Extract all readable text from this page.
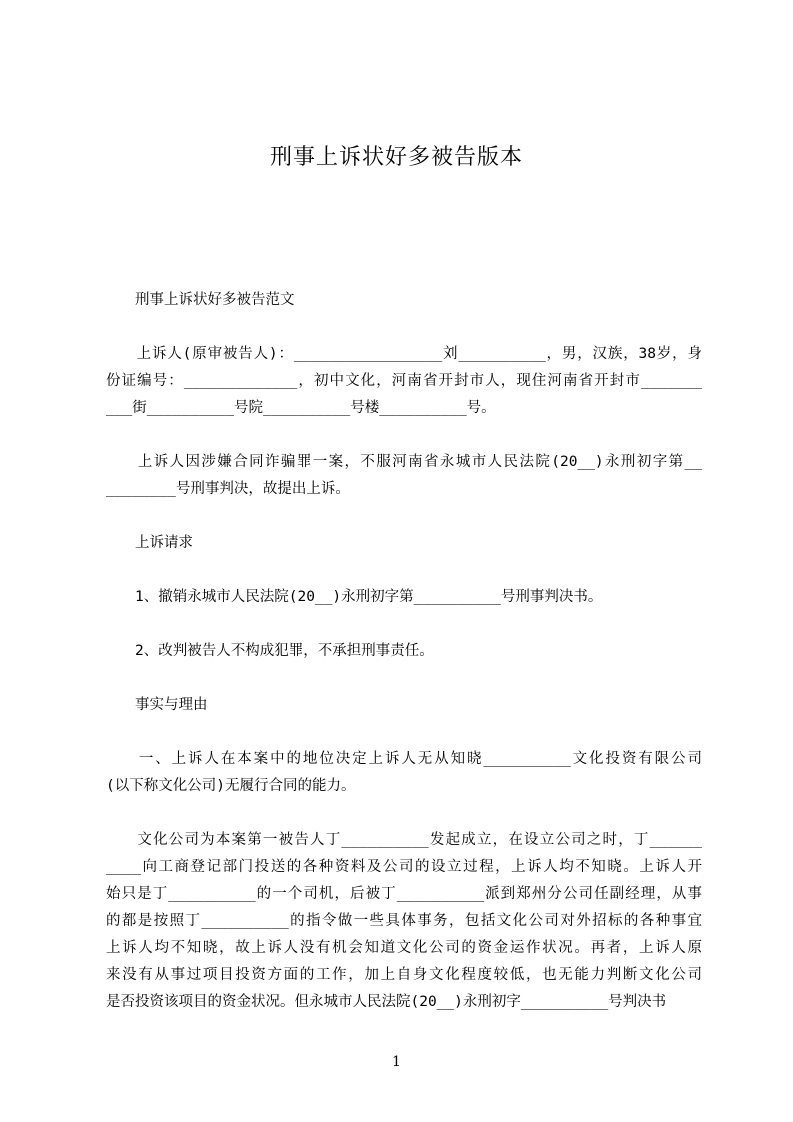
刑事上诉状好多被告版本
　　刑事上诉状好多被告范文
　　上诉人(原审被告人)：_________________刘__________，男，汉族，38岁，身
份证编号：_____________，初中文化，河南省开封市人，现住河南省开封市_______
___街__________号院__________号楼__________号。
　　上诉人因涉嫌合同诈骗罪一案，不服河南省永城市人民法院(20__)永刑初字第__
________号刑事判决，故提出上诉。
　　上诉请求
　　1、撤销永城市人民法院(20__)永刑初字第__________号刑事判决书。
　　2、改判被告人不构成犯罪，不承担刑事责任。
　　事实与理由
　　一、上诉人在本案中的地位决定上诉人无从知晓__________文化投资有限公司
(以下称文化公司)无履行合同的能力。
　　文化公司为本案第一被告人丁__________发起成立，在设立公司之时，丁______
____向工商登记部门投送的各种资料及公司的设立过程，上诉人均不知晓。上诉人开
始只是丁__________的一个司机，后被丁__________派到郑州分公司任副经理，从事
的都是按照丁__________的指令做一些具体事务，包括文化公司对外招标的各种事宜
上诉人均不知晓，故上诉人没有机会知道文化公司的资金运作状况。再者，上诉人原
来没有从事过项目投资方面的工作，加上自身文化程度较低，也无能力判断文化公司
是否投资该项目的资金状况。但永城市人民法院(20__)永刑初字__________号判决书
1
